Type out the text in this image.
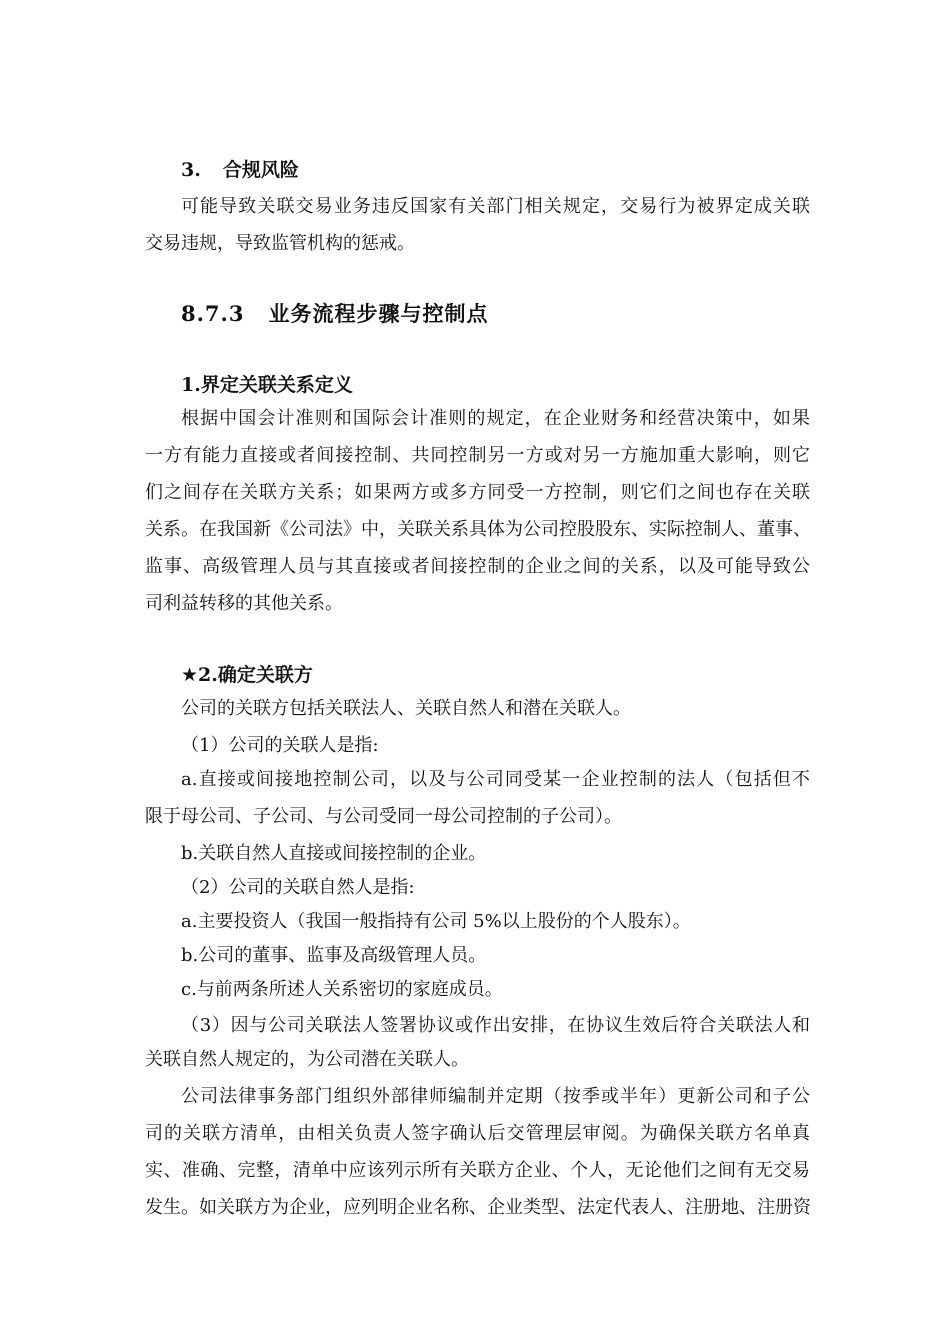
3. 合规风险
可能导致关联交易业务违反国家有关部门相关规定，交易行为被界定成关联
交易违规，导致监管机构的惩戒。
8.7.3 业务流程步骤与控制点
1.界定关联关系定义
根据中国会计准则和国际会计准则的规定，在企业财务和经营决策中，如果
一方有能力直接或者间接控制、共同控制另一方或对另一方施加重大影响，则它
们之间存在关联方关系；如果两方或多方同受一方控制，则它们之间也存在关联
关系。在我国新《公司法》中，关联关系具体为公司控股股东、实际控制人、董事、
监事、高级管理人员与其直接或者间接控制的企业之间的关系，以及可能导致公
司利益转移的其他关系。
★2.确定关联方
公司的关联方包括关联法人、关联自然人和潜在关联人。
（1）公司的关联人是指:
a.直接或间接地控制公司，以及与公司同受某一企业控制的法人（包括但不
限于母公司、子公司、与公司受同一母公司控制的子公司）。
b.关联自然人直接或间接控制的企业。
（2）公司的关联自然人是指:
a.主要投资人（我国一般指持有公司 5%以上股份的个人股东）。
b.公司的董事、监事及高级管理人员。
c.与前两条所述人关系密切的家庭成员。
（3）因与公司关联法人签署协议或作出安排，在协议生效后符合关联法人和
关联自然人规定的，为公司潜在关联人。
公司法律事务部门组织外部律师编制并定期（按季或半年）更新公司和子公
司的关联方清单，由相关负责人签字确认后交管理层审阅。为确保关联方名单真
实、准确、完整，清单中应该列示所有关联方企业、个人，无论他们之间有无交易
发生。如关联方为企业，应列明企业名称、企业类型、法定代表人、注册地、注册资
